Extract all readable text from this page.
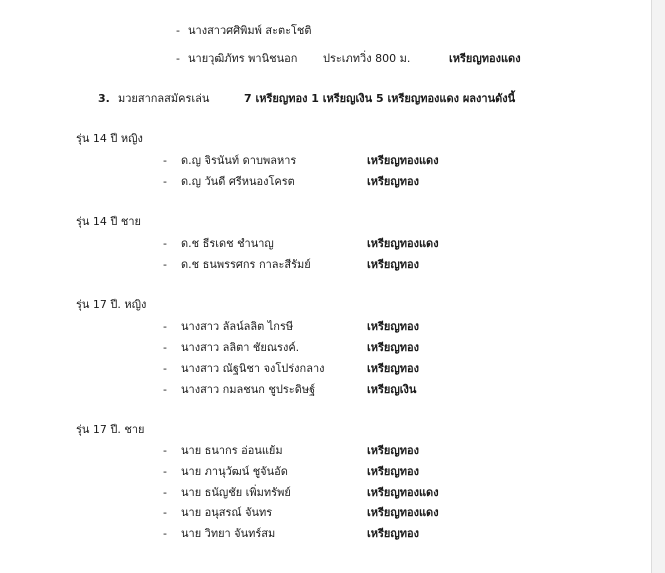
- นางสาวศศิพิมพ์ สะตะโชติ
- นายวุฒิภัทร พานิชนอก ประเภทวิ่ง 800 ม.	เหรียญทองแดง
3. มวยสากลสมัครเล่น	7 เหรียญทอง 1 เหรียญเงิน 5 เหรียญทองแดง ผลงานดังนี้
รุ่น 14 ปี หญิง
- ด.ญ จิรนันท์ ดาบพลหาร	เหรียญทองแดง
- ด.ญ วันดี ศรีหนองโครต	เหรียญทอง
รุ่น 14 ปี ชาย
- ด.ช ธีรเดช ชำนาญ	เหรียญทองแดง
- ด.ช ธนพรรศกร กาละสีรัมย์	เหรียญทอง
รุ่น 17 ปี. หญิง
- นางสาว ลัลน์ลลิต ไกรษี	เหรียญทอง
- นางสาว ลลิตา ชัยณรงค์.	เหรียญทอง
- นางสาว ณัฐนิชา จงโปร่งกลาง	เหรียญทอง
- นางสาว กมลชนก ชูประดิษฐ์	เหรียญเงิน
รุ่น 17 ปี. ชาย
- นาย ธนากร อ่อนแย้ม	เหรียญทอง
- นาย ภานุวัฒน์ ชูจันอัด	เหรียญทอง
- นาย ธนัญชัย เพิ่มทรัพย์	เหรียญทองแดง
- นาย อนุสรณ์ จันทร	เหรียญทองแดง
- นาย วิทยา จันทร์สม	เหรียญทอง
